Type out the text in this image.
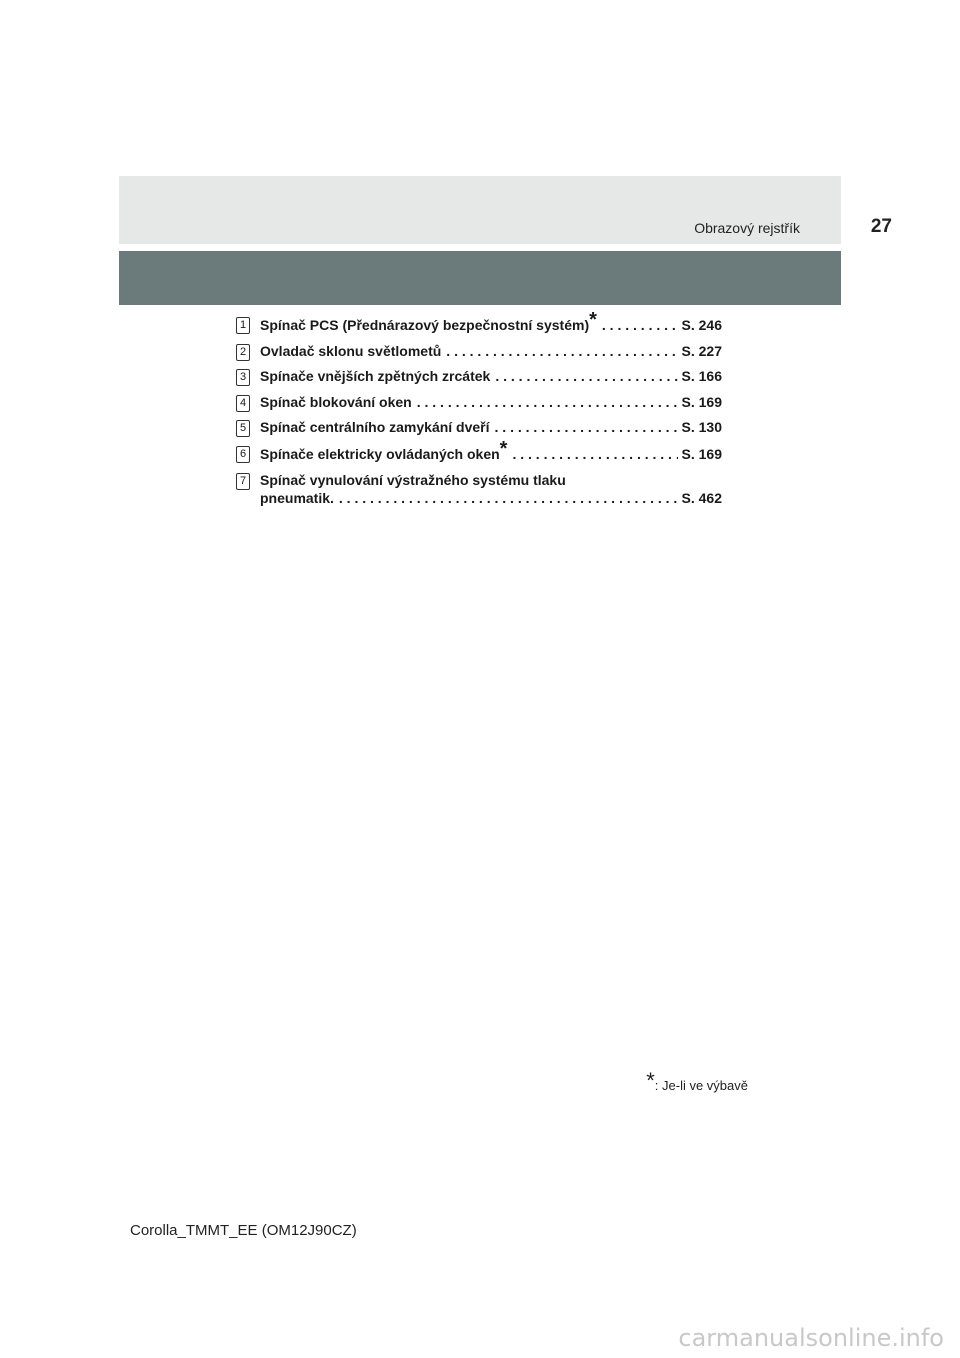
Obrazový rejstřík	27
1 Spínač PCS (Přednárazový bezpečnostní systém)* . . .	S. 246
2 Ovladač sklonu světlometů . . .	S. 227
3 Spínače vnějších zpětných zrcátek . . .	S. 166
4 Spínač blokování oken . . .	S. 169
5 Spínač centrálního zamykání dveří . . .	S. 130
6 Spínače elektricky ovládaných oken* . . .	S. 169
7 Spínač vynulování výstražného systému tlaku
pneumatik. . . .	S. 462
*: Je-li ve výbavě
Corolla_TMMT_EE (OM12J90CZ)
carmanualsonline.info
